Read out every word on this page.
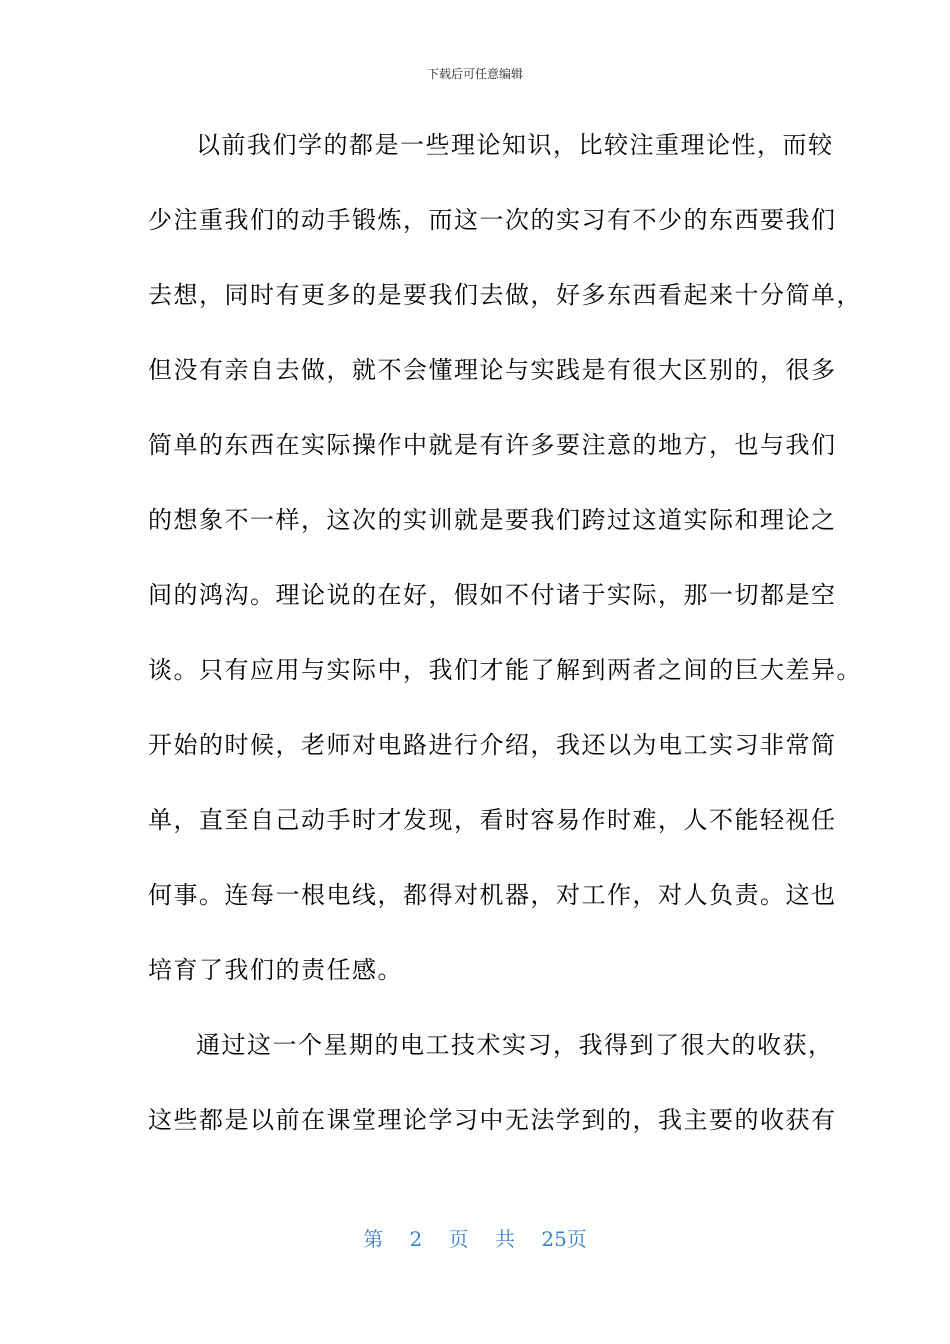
下载后可任意编辑
以前我们学的都是一些理论知识，比较注重理论性，而较
少注重我们的动手锻炼，而这一次的实习有不少的东西要我们
去想，同时有更多的是要我们去做，好多东西看起来十分简单，
但没有亲自去做，就不会懂理论与实践是有很大区别的，很多
简单的东西在实际操作中就是有许多要注意的地方，也与我们
的想象不一样，这次的实训就是要我们跨过这道实际和理论之
间的鸿沟。理论说的在好，假如不付诸于实际，那一切都是空
谈。只有应用与实际中，我们才能了解到两者之间的巨大差异。
开始的时候，老师对电路进行介绍，我还以为电工实习非常简
单，直至自己动手时才发现，看时容易作时难，人不能轻视任
何事。连每一根电线，都得对机器，对工作，对人负责。这也
培育了我们的责任感。
通过这一个星期的电工技术实习，我得到了很大的收获，
这些都是以前在课堂理论学习中无法学到的，我主要的收获有
第 2 页 共 25页
